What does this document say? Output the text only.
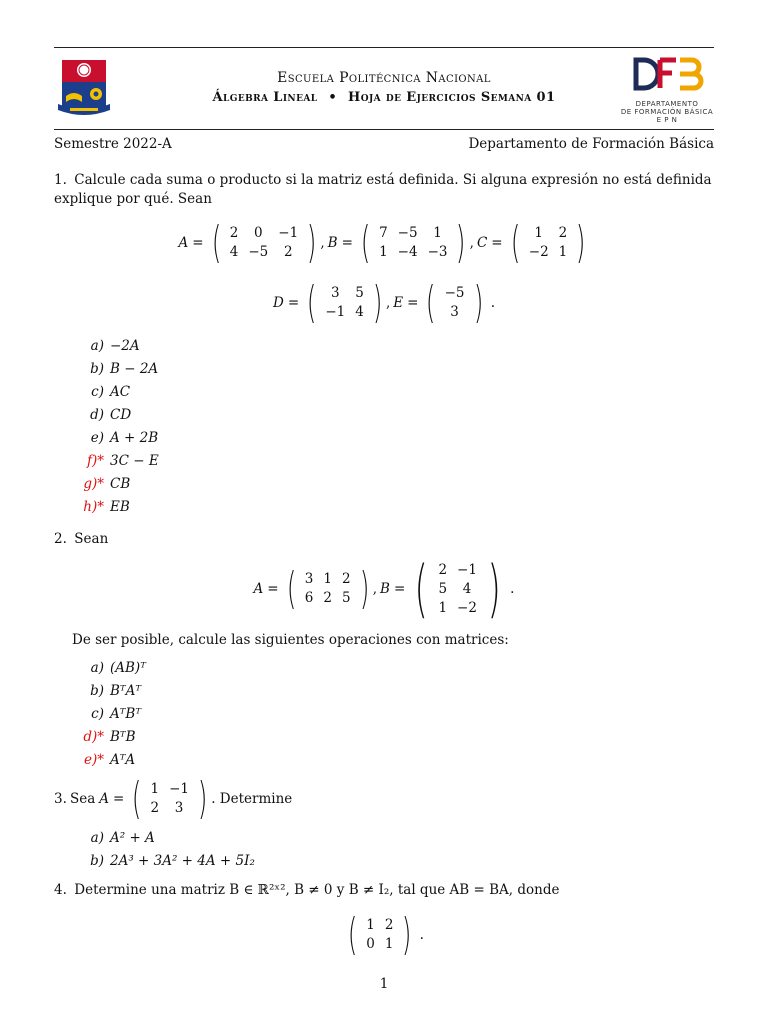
Escuela Politécnica Nacional
Álgebra Lineal • Hoja de Ejercicios Semana 01	DEPARTAMENTO
DE FORMACIÓN BÁSICA
E P N
Semestre 2022-A	Departamento de Formación Básica
1. Calcule cada suma o producto si la matriz está definida. Si alguna expresión no está definida explique por qué. Sean
A = ( 2	0	−1
4	−5	2 ) , B = ( 7	−5	1
1	−4	−3 ) , C = ( 1	2
−2	1 )
D = ( 3	5
−1	4 ) , E = ( −5
3 ) .
a) −2A
b) B − 2A
c) AC
d) CD
e) A + 2B
f)* 3C − E
g)* CB
h)* EB
2. Sean
A = ( 3	1	2
6	2	5 ) , B = ( 2	−1
5	4
1	−2 ) .
De ser posible, calcule las siguientes operaciones con matrices:
a) (AB)ᵀ
b) BᵀAᵀ
c) AᵀBᵀ
d)* BᵀB
e)* AᵀA
3. Sea A = ( 1	−1
2	3 ) . Determine
a) A² + A
b) 2A³ + 3A² + 4A + 5I₂
4. Determine una matriz B ∈ ℝ²ˣ², B ≠ 0 y B ≠ I₂, tal que AB = BA, donde
( 1	2
0	1 ) .
1
